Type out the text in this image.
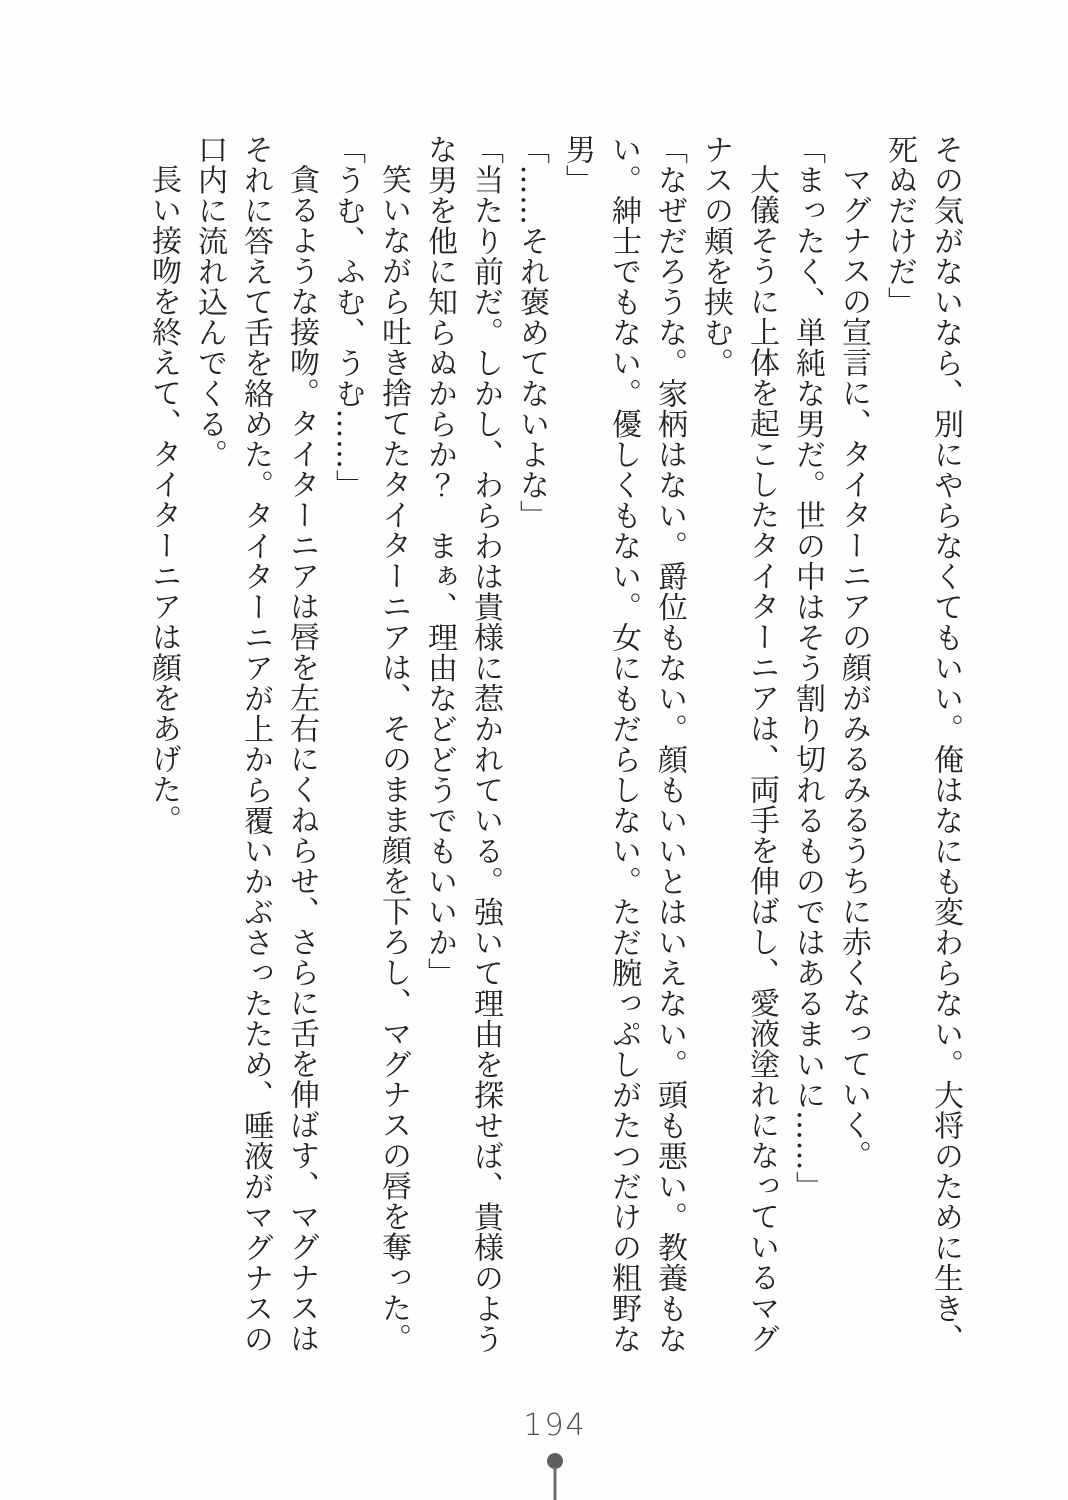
その気がないなら、別にやらなくてもいい。俺はなにも変わらない。大将のために生き、
死ぬだけだ」
マグナスの宣言に、タイターニアの顔がみるみるうちに赤くなっていく。
「まったく、単純な男だ。世の中はそう割り切れるものではあるまいに……」
大儀そうに上体を起こしたタイターニアは、両手を伸ばし、愛液塗れになっているマグ
ナスの頬を挟む。
「なぜだろうな。家柄はない。爵位もない。顔もいいとはいえない。頭も悪い。教養もな
い。紳士でもない。優しくもない。女にもだらしない。ただ腕っぷしがたつだけの粗野な
男」
「……それ褒めてないよな」
「当たり前だ。しかし、わらわは貴様に惹かれている。強いて理由を探せば、貴様のよう
な男を他に知らぬからか？　まぁ、理由などどうでもいいか」
笑いながら吐き捨てたタイターニアは、そのまま顔を下ろし、マグナスの唇を奪った。
「うむ、ふむ、うむ……」
貪るような接吻。タイターニアは唇を左右にくねらせ、さらに舌を伸ばす、マグナスは
それに答えて舌を絡めた。タイターニアが上から覆いかぶさったため、唾液がマグナスの
口内に流れ込んでくる。
長い接吻を終えて、タイターニアは顔をあげた。
194
